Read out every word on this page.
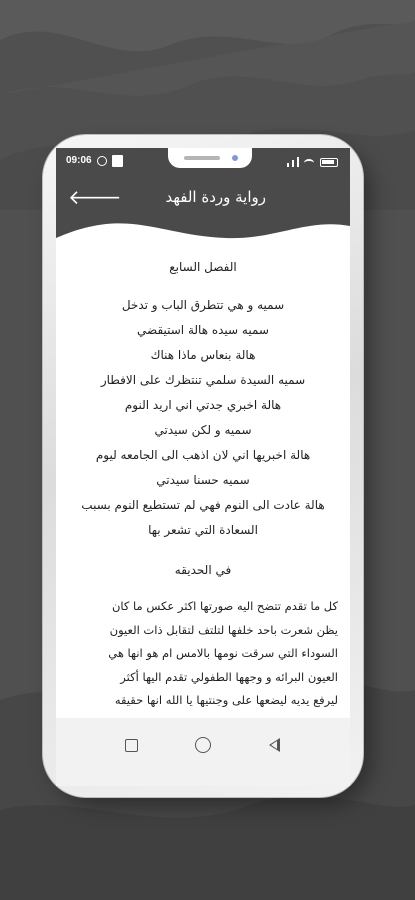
09:06
🡐	رواية وردة الفهد
الفصل السابع

سميه و هي تتطرق الباب و تدخل

سميه سيده هالة استيقضي

هالة بنعاس ماذا هناك

سميه السيدة سلمي تنتظرك على الافطار

هالة اخبري جدتي اني اريد النوم

سميه و لكن سيدتي

هالة اخبريها اني لان اذهب الى الجامعه ليوم

سميه حسنا سيدتي

هالة عادت الى النوم فهي لم تستطيع النوم بسبب

السعادة التي تشعر بها

في الحديقه

كل ما تقدم تتضح اليه صورتها اكثر عكس ما كان

يظن شعرت باحد خلفها لتلتف لتقابل ذات العيون

السوداء التي سرقت نومها بالامس ام هو انها هي

العيون البرائه و وجهها الطفولي تقدم اليها أكثر

ليرفع يديه ليضعها على وجنتيها يا الله انها حقيقه
